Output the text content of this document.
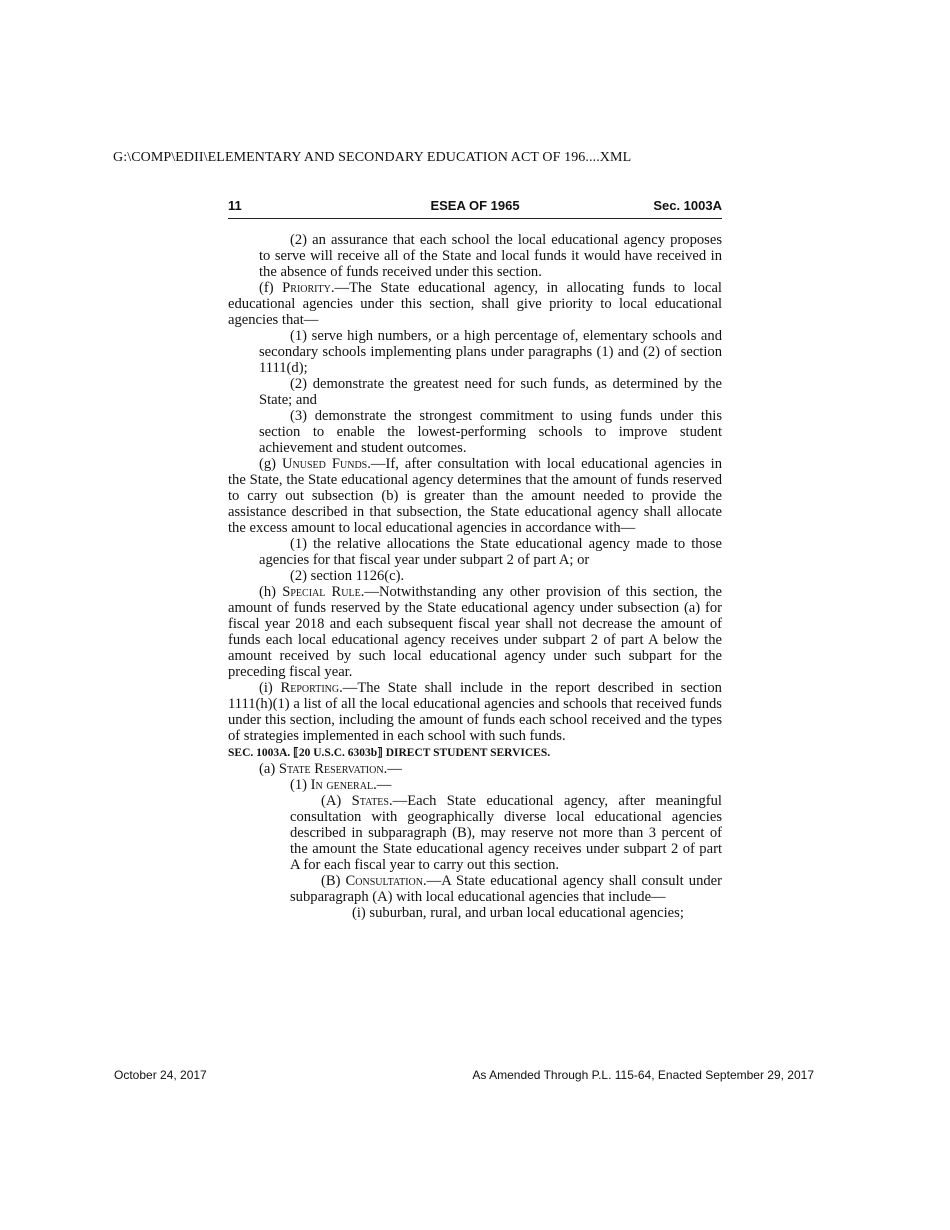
G:\COMP\EDII\ELEMENTARY AND SECONDARY EDUCATION ACT OF 196....XML
11	ESEA OF 1965	Sec. 1003A

(2) an assurance that each school the local educational agency proposes to serve will receive all of the State and local funds it would have received in the absence of funds received under this section.

(f) Priority.—The State educational agency, in allocating funds to local educational agencies under this section, shall give priority to local educational agencies that—

(1) serve high numbers, or a high percentage of, elementary schools and secondary schools implementing plans under paragraphs (1) and (2) of section 1111(d);

(2) demonstrate the greatest need for such funds, as determined by the State; and

(3) demonstrate the strongest commitment to using funds under this section to enable the lowest-performing schools to improve student achievement and student outcomes.

(g) Unused Funds.—If, after consultation with local educational agencies in the State, the State educational agency determines that the amount of funds reserved to carry out subsection (b) is greater than the amount needed to provide the assistance described in that subsection, the State educational agency shall allocate the excess amount to local educational agencies in accordance with—

(1) the relative allocations the State educational agency made to those agencies for that fiscal year under subpart 2 of part A; or

(2) section 1126(c).

(h) Special Rule.—Notwithstanding any other provision of this section, the amount of funds reserved by the State educational agency under subsection (a) for fiscal year 2018 and each subsequent fiscal year shall not decrease the amount of funds each local educational agency receives under subpart 2 of part A below the amount received by such local educational agency under such subpart for the preceding fiscal year.

(i) Reporting.—The State shall include in the report described in section 1111(h)(1) a list of all the local educational agencies and schools that received funds under this section, including the amount of funds each school received and the types of strategies implemented in each school with such funds.

SEC. 1003A. ⟦20 U.S.C. 6303b⟧ DIRECT STUDENT SERVICES.

(a) State Reservation.—

(1) In general.—

(A) States.—Each State educational agency, after meaningful consultation with geographically diverse local educational agencies described in subparagraph (B), may reserve not more than 3 percent of the amount the State educational agency receives under subpart 2 of part A for each fiscal year to carry out this section.

(B) Consultation.—A State educational agency shall consult under subparagraph (A) with local educational agencies that include—

(i) suburban, rural, and urban local educational agencies;

October 24, 2017	As Amended Through P.L. 115-64, Enacted September 29, 2017
